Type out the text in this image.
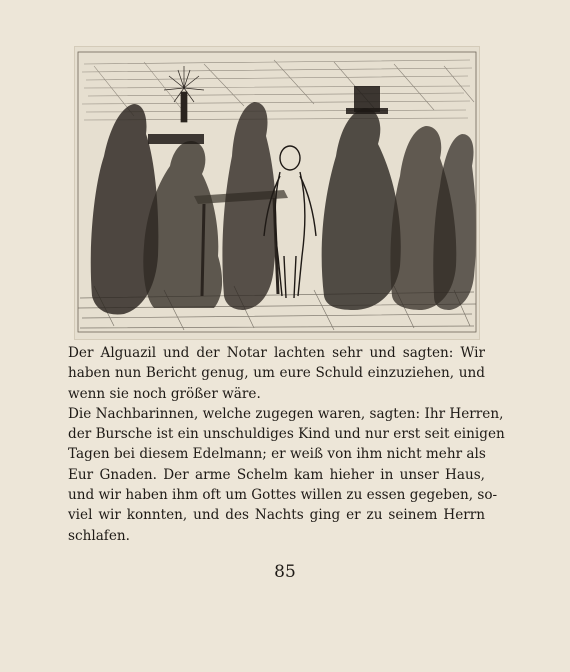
Der Alguazil und der Notar lachten sehr und sagten: Wir
haben nun Bericht genug, um eure Schuld einzuziehen, und
wenn sie noch größer wäre.
Die Nachbarinnen, welche zugegen waren, sagten: Ihr Herren,
der Bursche ist ein unschuldiges Kind und nur erst seit einigen
Tagen bei diesem Edelmann; er weiß von ihm nicht mehr als
Eur Gnaden. Der arme Schelm kam hieher in unser Haus,
und wir haben ihm oft um Gottes willen zu essen gegeben, so-
viel wir konnten, und des Nachts ging er zu seinem Herrn
schlafen.
85
